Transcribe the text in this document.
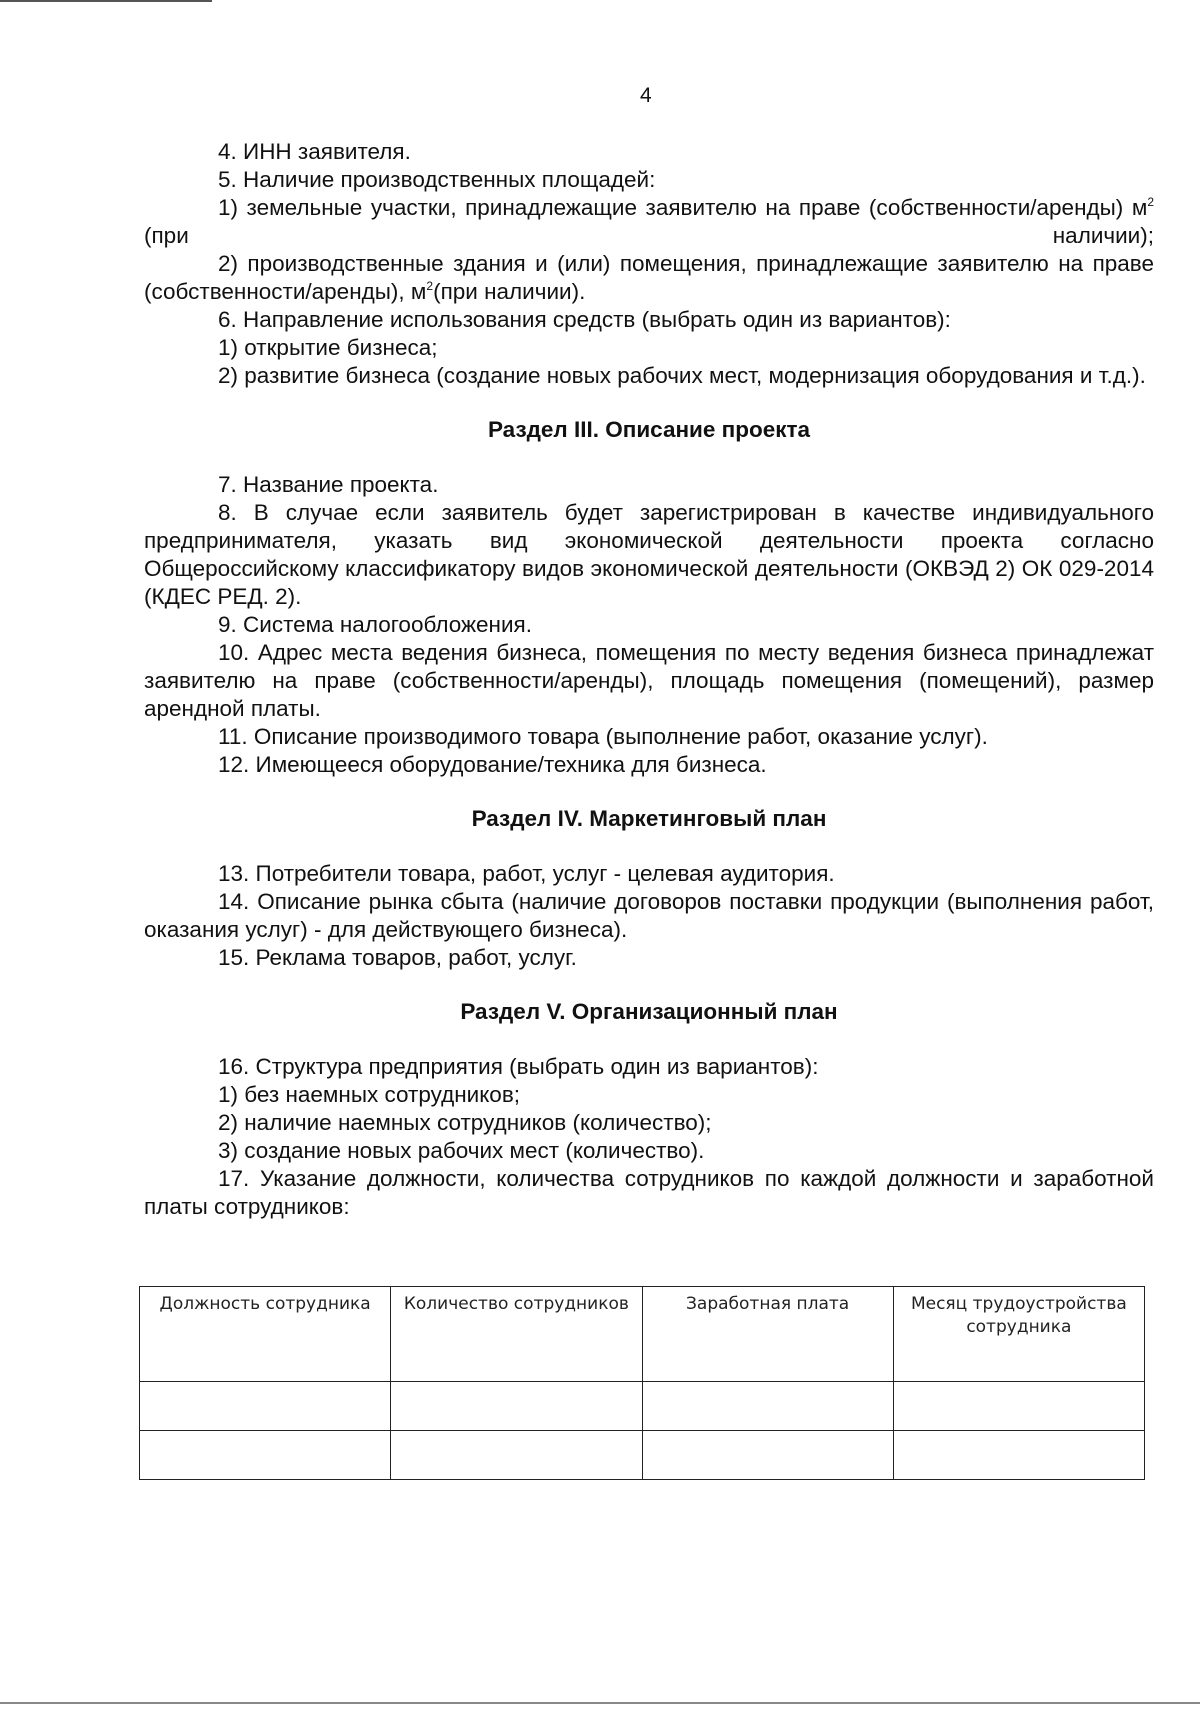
4

4. ИНН заявителя.

5. Наличие производственных площадей:

1) земельные участки, принадлежащие заявителю на праве (собственности/аренды) $м^2$ (при наличии);

2) производственные здания и (или) помещения, принадлежащие заявителю на праве (собственности/аренды), $м^2(при$ наличии).

6. Направление использования средств (выбрать один из вариантов):

1) открытие бизнеса;

2) развитие бизнеса (создание новых рабочих мест, модернизация оборудования и т.д.).

Раздел III. Описание проекта

7. Название проекта.

8. В случае если заявитель будет зарегистрирован в качестве индивидуального предпринимателя, указать вид экономической деятельности проекта согласно Общероссийскому классификатору видов экономической деятельности (ОКВЭД 2) ОК 029-2014 (КДЕС РЕД. 2).

9. Система налогообложения.

10. Адрес места ведения бизнеса, помещения по месту ведения бизнеса принадлежат заявителю на праве (собственности/аренды), площадь помещения (помещений), размер арендной платы.

11. Описание производимого товара (выполнение работ, оказание услуг).

12. Имеющееся оборудование/техника для бизнеса.

Раздел IV. Маркетинговый план

13. Потребители товара, работ, услуг - целевая аудитория.

14. Описание рынка сбыта (наличие договоров поставки продукции (выполнения работ, оказания услуг) - для действующего бизнеса).

15. Реклама товаров, работ, услуг.

Раздел V. Организационный план

16. Структура предприятия (выбрать один из вариантов):

1) без наемных сотрудников;

2) наличие наемных сотрудников (количество);

3) создание новых рабочих мест (количество).

17. Указание должности, количества сотрудников по каждой должности и заработной платы сотрудников:

Должность сотрудника	Количество сотрудников	Заработная плата	Месяц трудоустройства сотрудника
